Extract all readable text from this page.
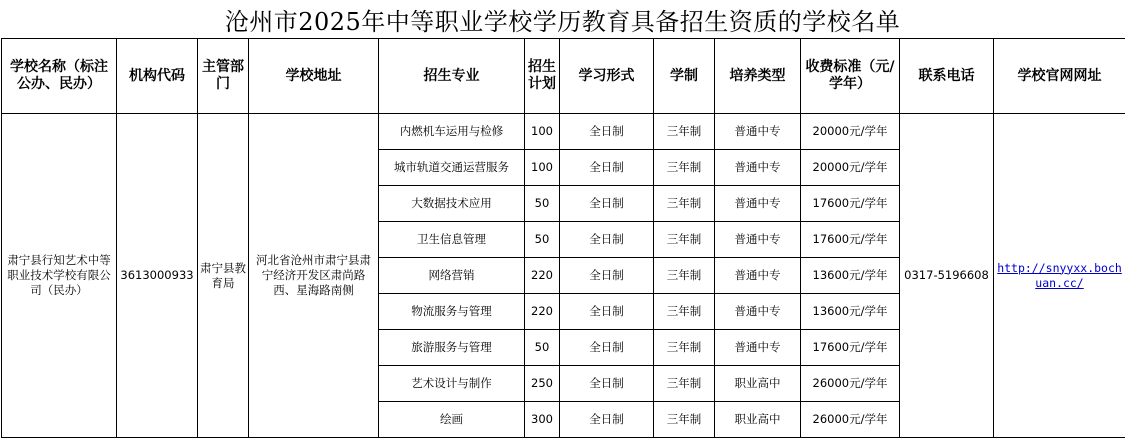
沧州市2025年中等职业学校学历教育具备招生资质的学校名单
学校名称（标注公办、民办）	机构代码	主管部门	学校地址	招生专业	招生计划	学习形式	学制	培养类型	收费标准（元/学年）	联系电话	学校官网网址
肃宁县行知艺术中等职业技术学校有限公司（民办）	3613000933	肃宁县教育局	河北省沧州市肃宁县肃宁经济开发区肃尚路西、星海路南侧	内燃机车运用与检修	100	全日制	三年制	普通中专	20000元/学年	0317-5196608	http://snyyxx.bochuan.cc/
				城市轨道交通运营服务	100	全日制	三年制	普通中专	20000元/学年		
				大数据技术应用	50	全日制	三年制	普通中专	17600元/学年		
				卫生信息管理	50	全日制	三年制	普通中专	17600元/学年		
				网络营销	220	全日制	三年制	普通中专	13600元/学年		
				物流服务与管理	220	全日制	三年制	普通中专	13600元/学年		
				旅游服务与管理	50	全日制	三年制	普通中专	17600元/学年		
				艺术设计与制作	250	全日制	三年制	职业高中	26000元/学年		
				绘画	300	全日制	三年制	职业高中	26000元/学年		
